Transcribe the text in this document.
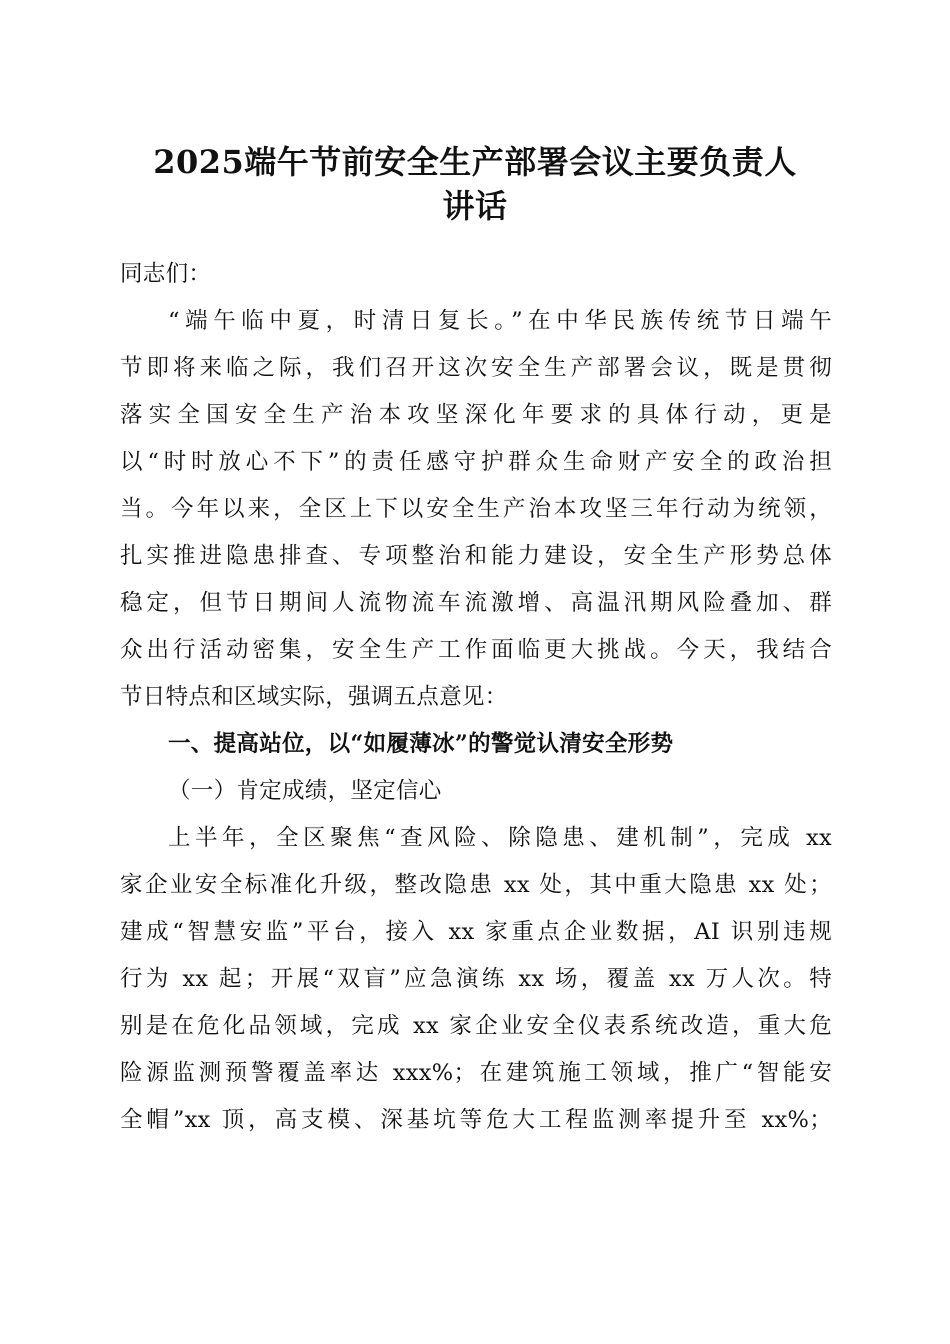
2025端午节前安全生产部署会议主要负责人
讲话
同志们：
“端午临中夏，时清日复长。”在中华民族传统节日端午
节即将来临之际，我们召开这次安全生产部署会议，既是贯彻
落实全国安全生产治本攻坚深化年要求的具体行动，更是
以“时时放心不下”的责任感守护群众生命财产安全的政治担
当。今年以来，全区上下以安全生产治本攻坚三年行动为统领，
扎实推进隐患排查、专项整治和能力建设，安全生产形势总体
稳定，但节日期间人流物流车流激增、高温汛期风险叠加、群
众出行活动密集，安全生产工作面临更大挑战。今天，我结合
节日特点和区域实际，强调五点意见：
一、提高站位，以“如履薄冰”的警觉认清安全形势
（一）肯定成绩，坚定信心
上半年，全区聚焦“查风险、除隐患、建机制”，完成 xx
家企业安全标准化升级，整改隐患 xx 处，其中重大隐患 xx 处；
建成“智慧安监”平台，接入 xx 家重点企业数据，AI 识别违规
行为 xx 起；开展“双盲”应急演练 xx 场，覆盖 xx 万人次。特
别是在危化品领域，完成 xx 家企业安全仪表系统改造，重大危
险源监测预警覆盖率达 xxx%；在建筑施工领域，推广“智能安
全帽”xx 顶，高支模、深基坑等危大工程监测率提升至 xx%；
